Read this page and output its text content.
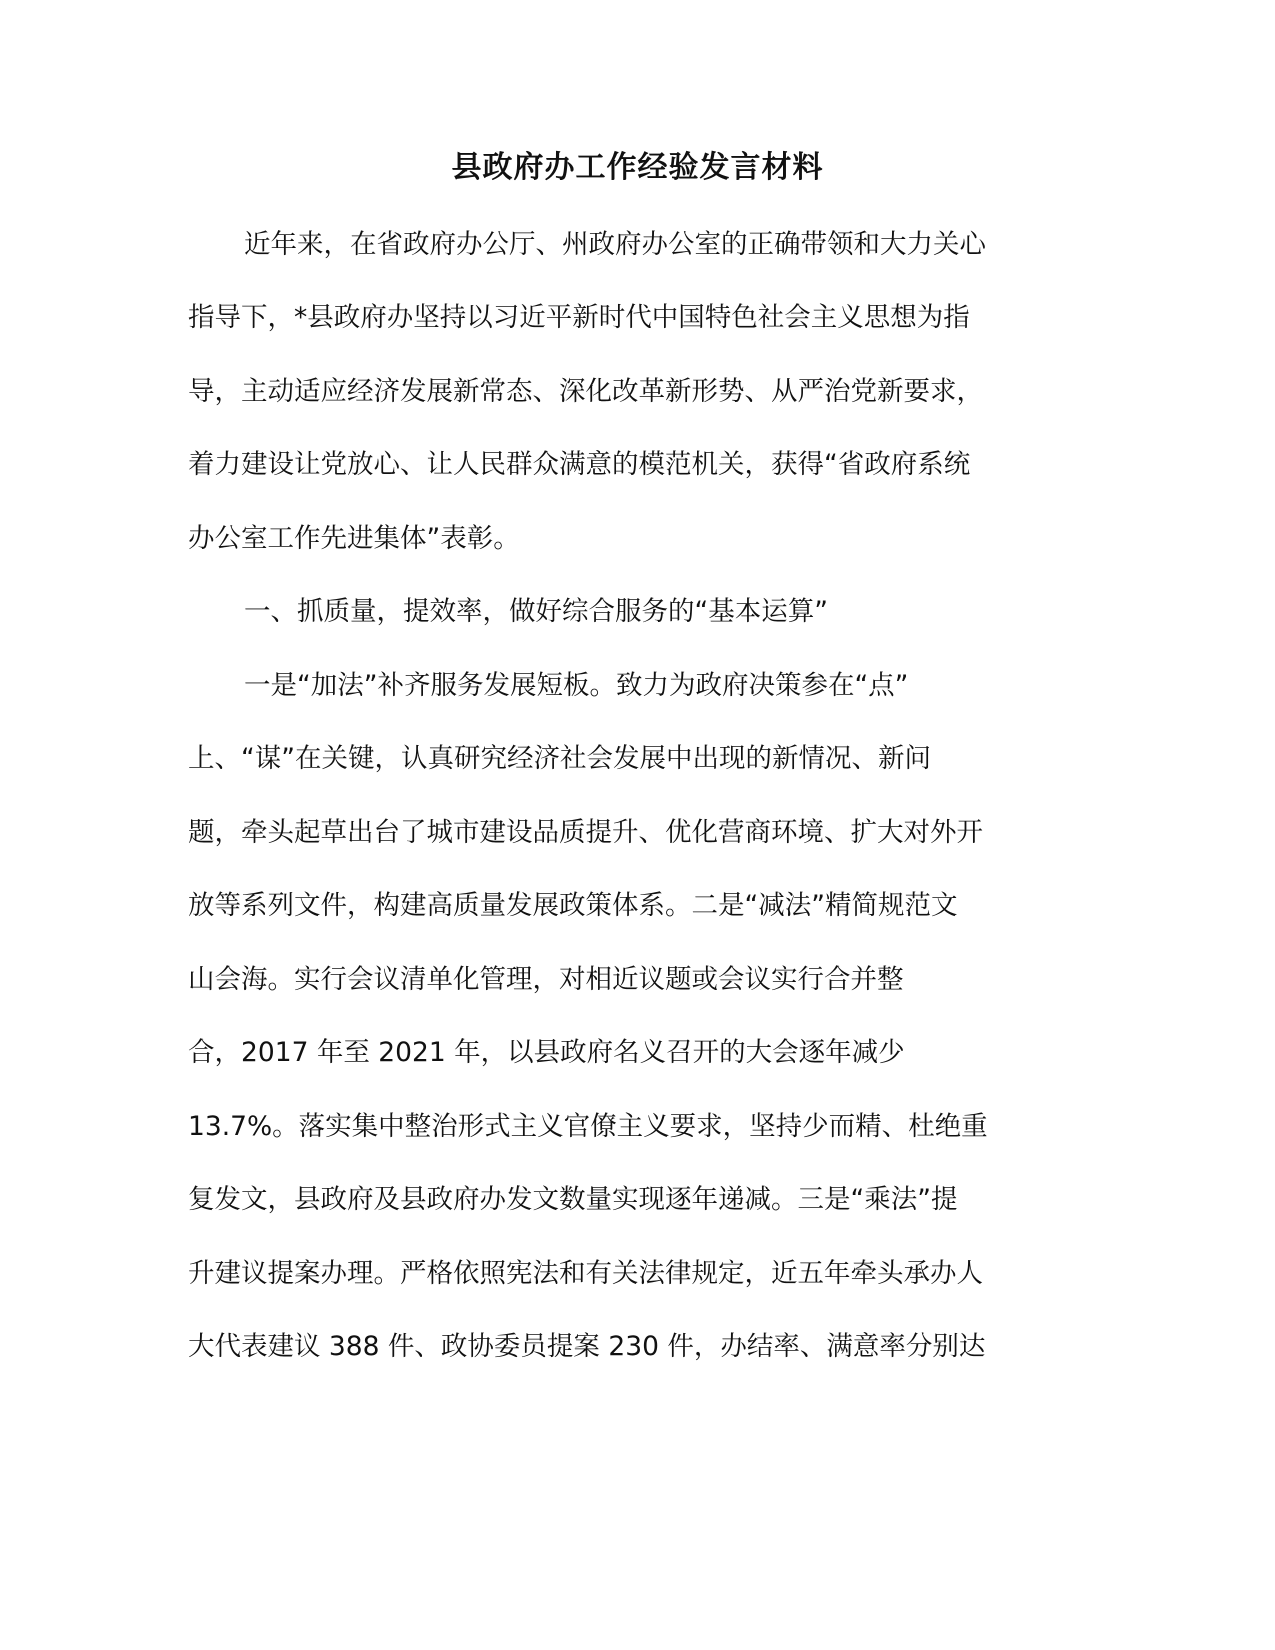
县政府办工作经验发言材料
近年来，在省政府办公厅、州政府办公室的正确带领和大力关心
指导下，*县政府办坚持以习近平新时代中国特色社会主义思想为指
导，主动适应经济发展新常态、深化改革新形势、从严治党新要求，
着力建设让党放心、让人民群众满意的模范机关，获得“省政府系统
办公室工作先进集体”表彰。
一、抓质量，提效率，做好综合服务的“基本运算”
一是“加法”补齐服务发展短板。致力为政府决策参在“点”
上、“谋”在关键，认真研究经济社会发展中出现的新情况、新问
题，牵头起草出台了城市建设品质提升、优化营商环境、扩大对外开
放等系列文件，构建高质量发展政策体系。二是“减法”精简规范文
山会海。实行会议清单化管理，对相近议题或会议实行合并整
合，2017 年至 2021 年，以县政府名义召开的大会逐年减少
13.7%。落实集中整治形式主义官僚主义要求，坚持少而精、杜绝重
复发文，县政府及县政府办发文数量实现逐年递减。三是“乘法”提
升建议提案办理。严格依照宪法和有关法律规定，近五年牵头承办人
大代表建议 388 件、政协委员提案 230 件，办结率、满意率分别达
